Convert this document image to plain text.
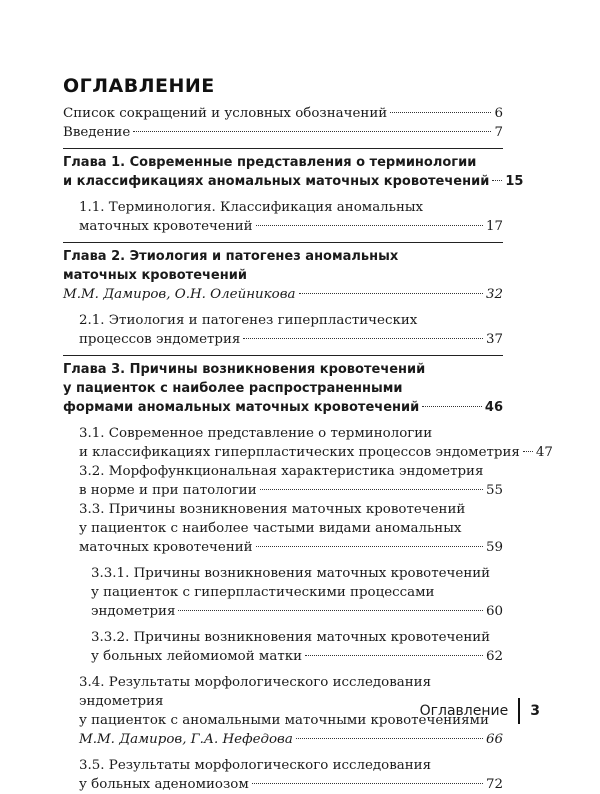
ОГЛАВЛЕНИЕ
Список сокращений и условных обозначений	6
Введение	7
Глава 1. Современные представления о терминологии
и классификациях аномальных маточных кровотечений 15
1.1. Терминология. Классификация аномальных
маточных кровотечений	17
Глава 2. Этиология и патогенез аномальных
маточных кровотечений
М.М. Дамиров, О.Н. Олейникова	32
2.1. Этиология и патогенез гиперпластических
процессов эндометрия	37
Глава 3. Причины возникновения кровотечений
у пациенток с наиболее распространенными
формами аномальных маточных кровотечений	46
3.1. Современное представление о терминологии
и классификациях гиперпластических процессов эндометрия 47
3.2. Морфофункциональная характеристика эндометрия
в норме и при патологии	55
3.3. Причины возникновения маточных кровотечений
у пациенток с наиболее частыми видами аномальных
маточных кровотечений	59
3.3.1. Причины возникновения маточных кровотечений
у пациенток с гиперпластическими процессами
эндометрия	60
3.3.2. Причины возникновения маточных кровотечений
у больных лейомиомой матки	62
3.4. Результаты морфологического исследования эндометрия
у пациенток с аномальными маточными кровотечениями
М.М. Дамиров, Г.А. Нефедова	66
3.5. Результаты морфологического исследования
у больных аденомиозом	72
Оглавление 3
